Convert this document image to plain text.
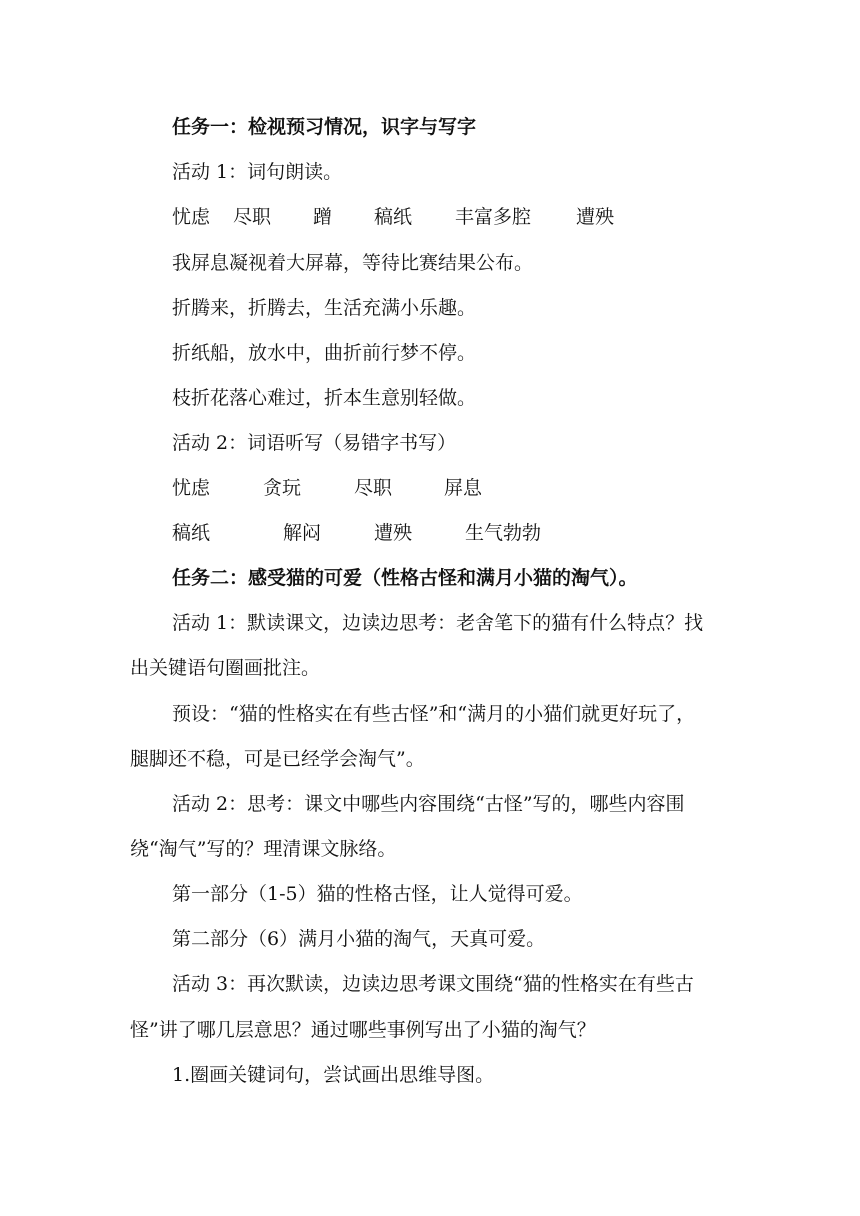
任务一：检视预习情况，识字与写字
活动 1：词句朗读。
忧虑 尽职 蹭 稿纸 丰富多腔 遭殃
我屏息凝视着大屏幕，等待比赛结果公布。
折腾来，折腾去，生活充满小乐趣。
折纸船，放水中，曲折前行梦不停。
枝折花落心难过，折本生意别轻做。
活动 2：词语听写（易错字书写）
忧虑	贪玩	尽职	屏息
稿纸	解闷	遭殃	生气勃勃
任务二：感受猫的可爱（性格古怪和满月小猫的淘气）。
活动 1：默读课文，边读边思考：老舍笔下的猫有什么特点？找
出关键语句圈画批注。
预设：“猫的性格实在有些古怪”和“满月的小猫们就更好玩了，
腿脚还不稳，可是已经学会淘气”。
活动 2：思考：课文中哪些内容围绕“古怪”写的，哪些内容围
绕“淘气”写的？理清课文脉络。
第一部分（1-5）猫的性格古怪，让人觉得可爱。
第二部分（6）满月小猫的淘气，天真可爱。
活动 3：再次默读，边读边思考课文围绕“猫的性格实在有些古
怪”讲了哪几层意思？通过哪些事例写出了小猫的淘气？
1.圈画关键词句，尝试画出思维导图。
